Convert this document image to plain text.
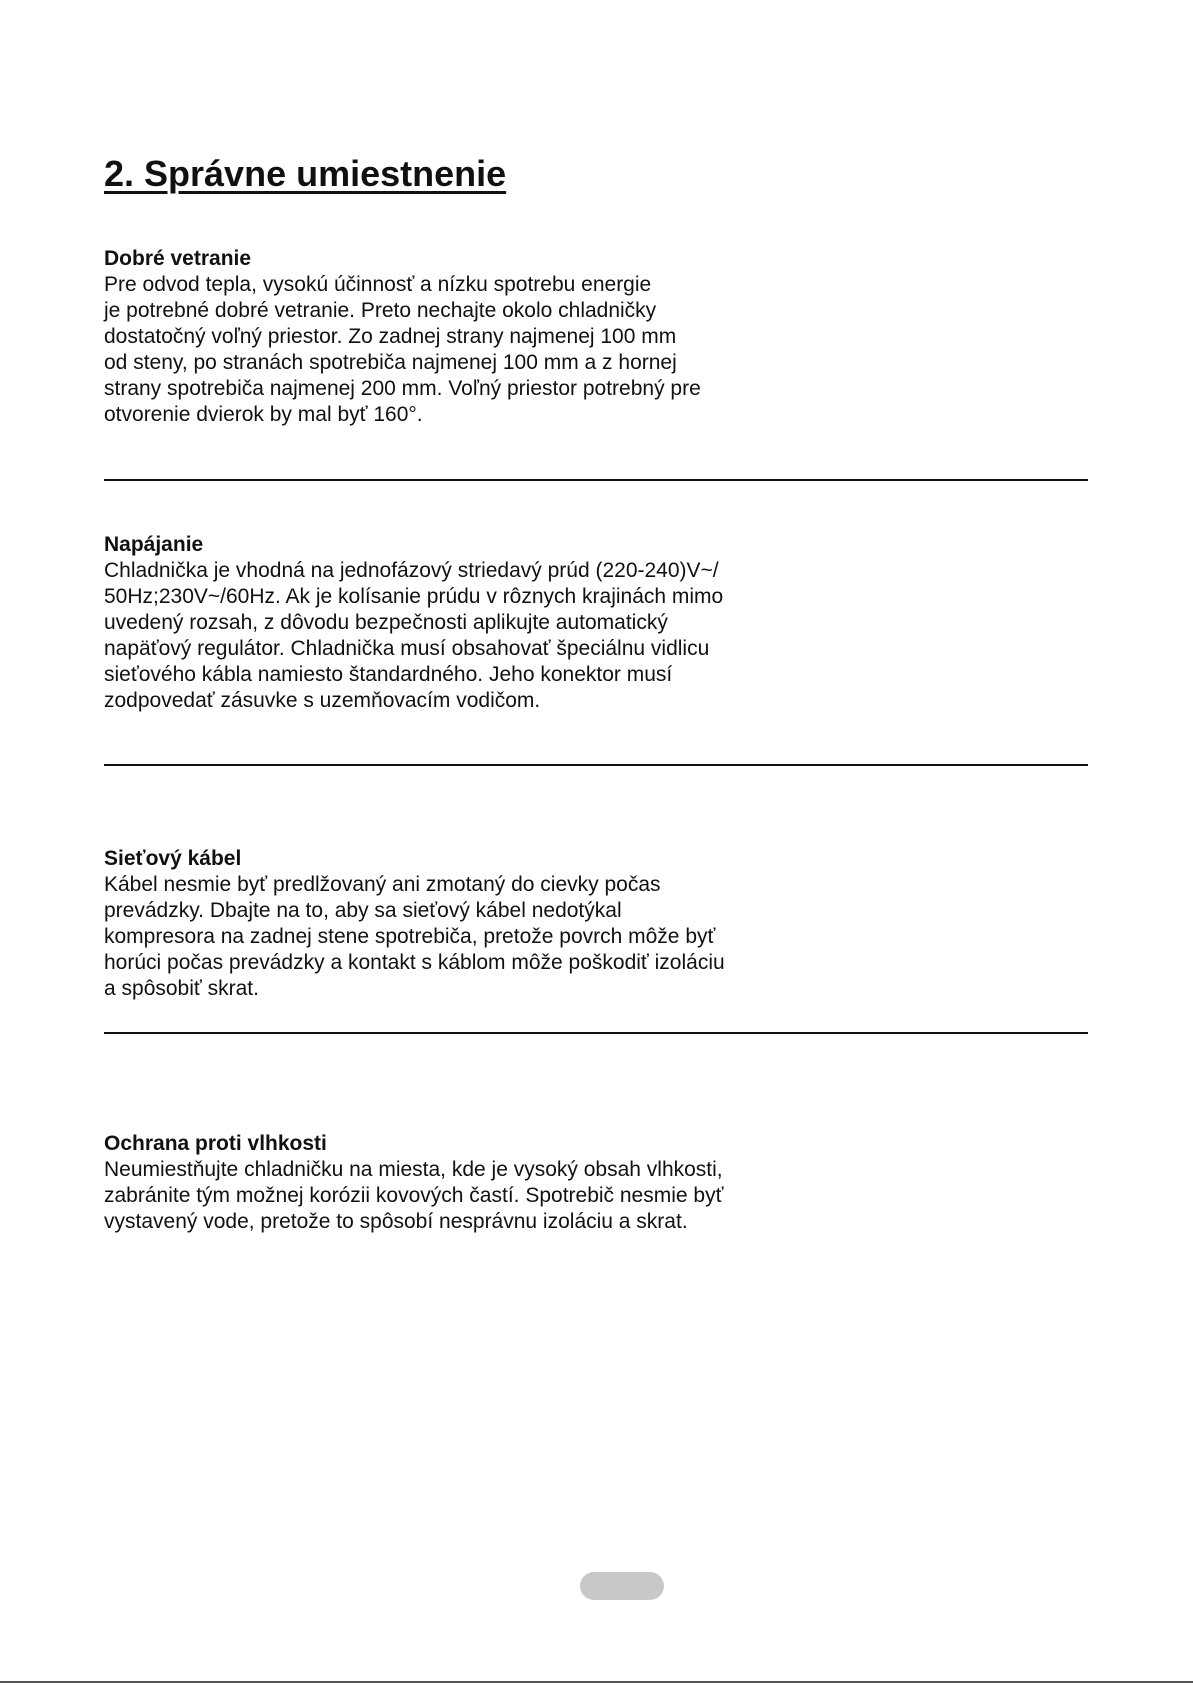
2. Správne umiestnenie

Dobré vetranie

Pre odvod tepla, vysokú účinnosť a nízku spotrebu energie

je potrebné dobré vetranie. Preto nechajte okolo chladničky

dostatočný voľný priestor. Zo zadnej strany najmenej 100 mm

od steny, po stranách spotrebiča najmenej 100 mm a z hornej

strany spotrebiča najmenej 200 mm. Voľný priestor potrebný pre

otvorenie dvierok by mal byť 160°.

Napájanie

Chladnička je vhodná na jednofázový striedavý prúd (220-240)V~/

50Hz;230V~/60Hz. Ak je kolísanie prúdu v rôznych krajinách mimo

uvedený rozsah, z dôvodu bezpečnosti aplikujte automatický

napäťový regulátor. Chladnička musí obsahovať špeciálnu vidlicu

sieťového kábla namiesto štandardného. Jeho konektor musí

zodpovedať zásuvke s uzemňovacím vodičom.

Sieťový kábel

Kábel nesmie byť predlžovaný ani zmotaný do cievky počas

prevádzky. Dbajte na to, aby sa sieťový kábel nedotýkal

kompresora na zadnej stene spotrebiča, pretože povrch môže byť

horúci počas prevádzky a kontakt s káblom môže poškodiť izoláciu

a spôsobiť skrat.

Ochrana proti vlhkosti

Neumiestňujte chladničku na miesta, kde je vysoký obsah vlhkosti,

zabránite tým možnej korózii kovových častí. Spotrebič nesmie byť

vystavený vode, pretože to spôsobí nesprávnu izoláciu a skrat.
